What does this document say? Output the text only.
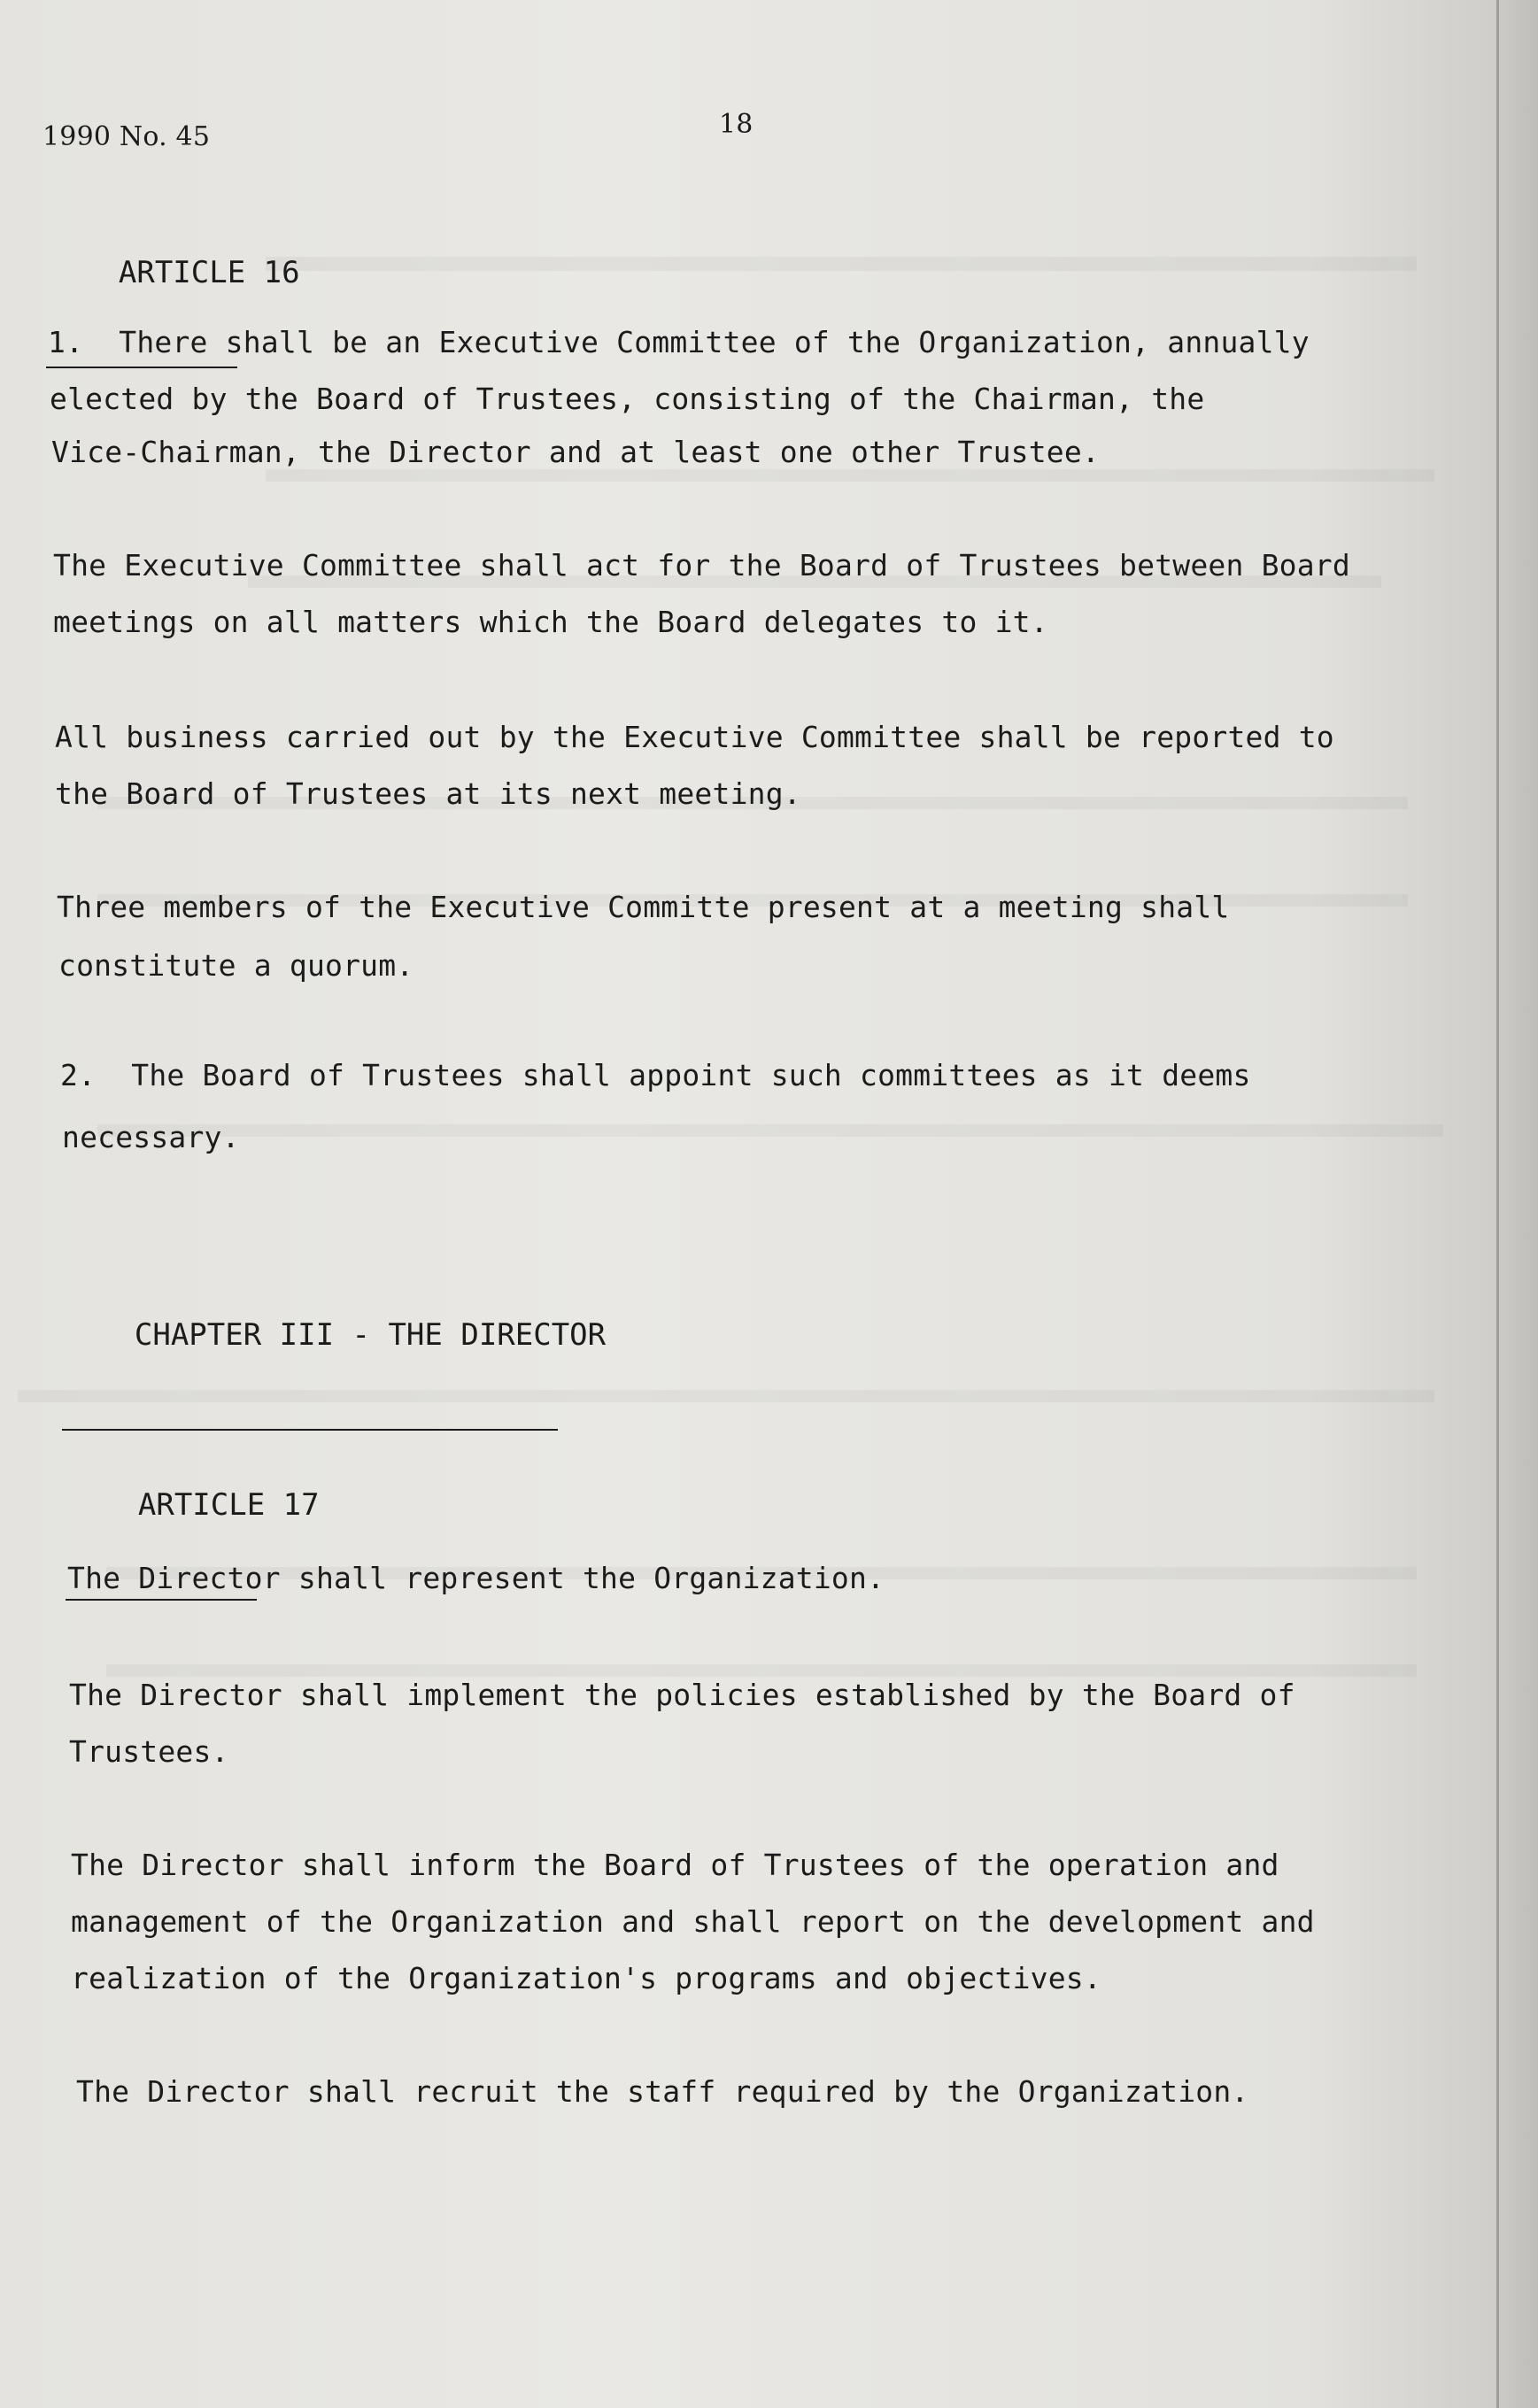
1990 No. 45	18

ARTICLE 16

1.  There shall be an Executive Committee of the Organization, annually
elected by the Board of Trustees, consisting of the Chairman, the
Vice-Chairman, the Director and at least one other Trustee.
The Executive Committee shall act for the Board of Trustees between Board
meetings on all matters which the Board delegates to it.
All business carried out by the Executive Committee shall be reported to
the Board of Trustees at its next meeting.
Three members of the Executive Committe present at a meeting shall
constitute a quorum.
2.  The Board of Trustees shall appoint such committees as it deems
necessary.

CHAPTER III - THE DIRECTOR

ARTICLE 17

The Director shall represent the Organization.
The Director shall implement the policies established by the Board of
Trustees.
The Director shall inform the Board of Trustees of the operation and
management of the Organization and shall report on the development and
realization of the Organization's programs and objectives.
The Director shall recruit the staff required by the Organization.
